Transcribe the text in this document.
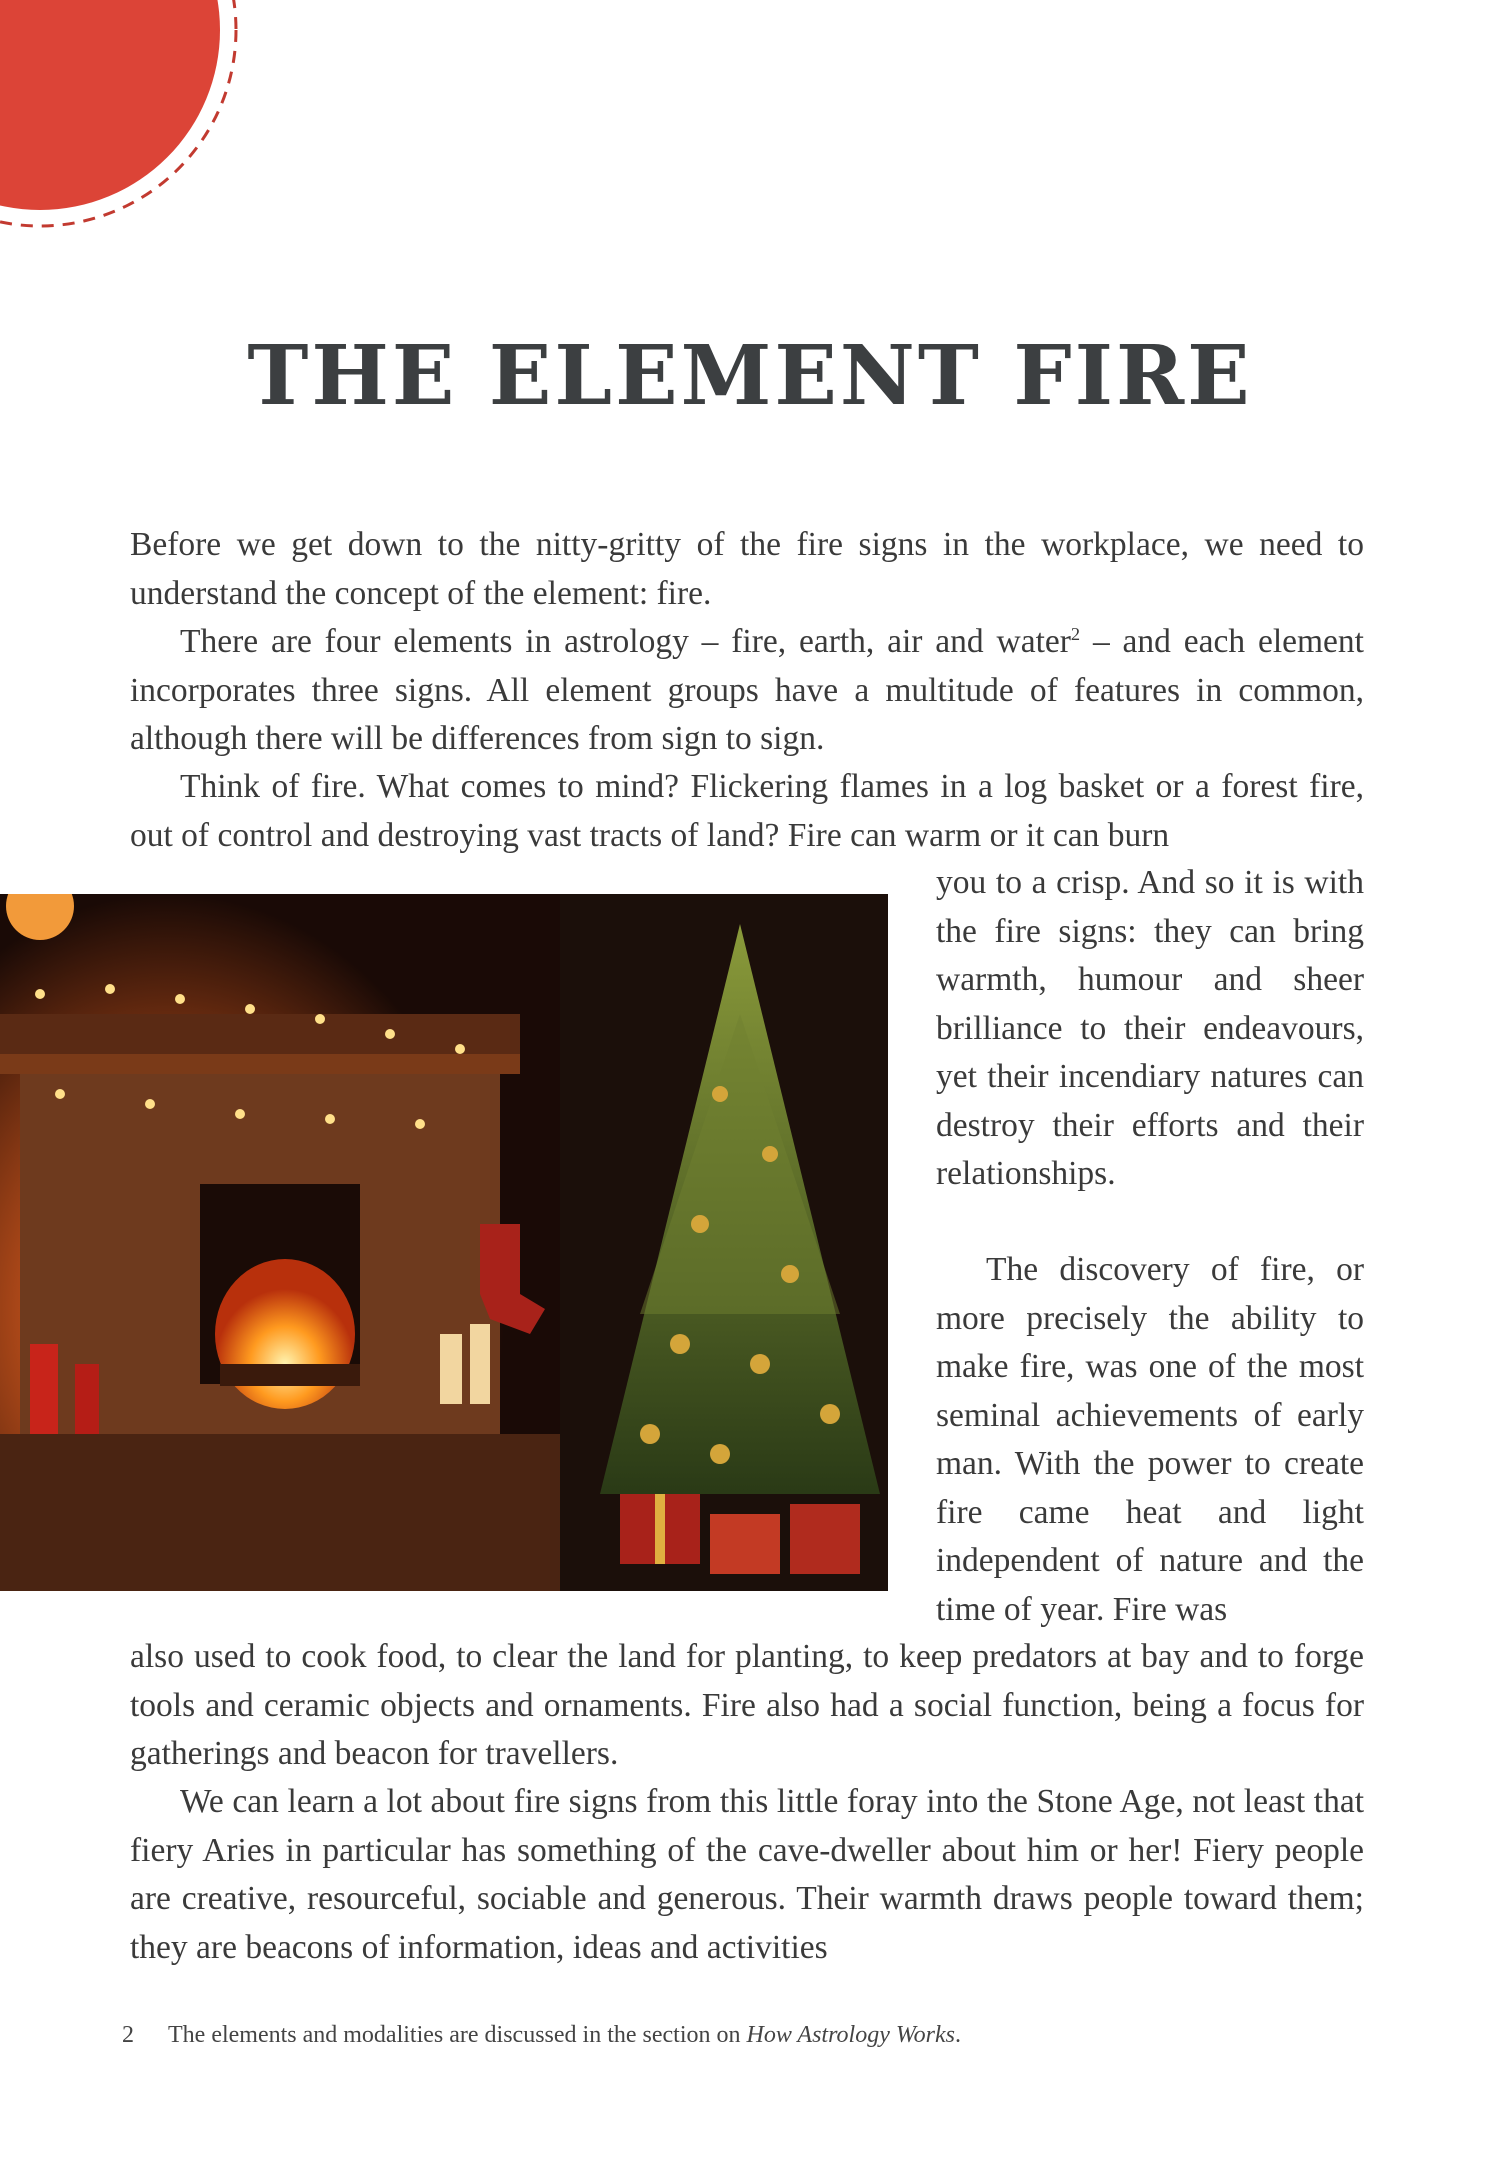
THE ELEMENT FIRE

Before we get down to the nitty-gritty of the fire signs in the workplace, we need to understand the concept of the element: fire.

There are four elements in astrology – fire, earth, air and water$^2$ – and each element incorporates three signs. All element groups have a multitude of features in common, although there will be differences from sign to sign.

Think of fire. What comes to mind? Flickering flames in a log basket or a forest fire, out of control and destroying vast tracts of land? Fire can warm or it can burn

you to a crisp. And so it is with the fire signs: they can bring warmth, humour and sheer brilliance to their endeavours, yet their incendiary natures can destroy their efforts and their relationships.

The discovery of fire, or more precisely the ability to make fire, was one of the most seminal achievements of early man. With the power to create fire came heat and light independent of nature and the time of year. Fire was

also used to cook food, to clear the land for planting, to keep predators at bay and to forge tools and ceramic objects and ornaments. Fire also had a social function, being a focus for gatherings and beacon for travellers.

We can learn a lot about fire signs from this little foray into the Stone Age, not least that fiery Aries in particular has something of the cave-dweller about him or her! Fiery people are creative, resourceful, sociable and generous. Their warmth draws people toward them; they are beacons of information, ideas and activities

2 The elements and modalities are discussed in the section on How Astrology Works.
